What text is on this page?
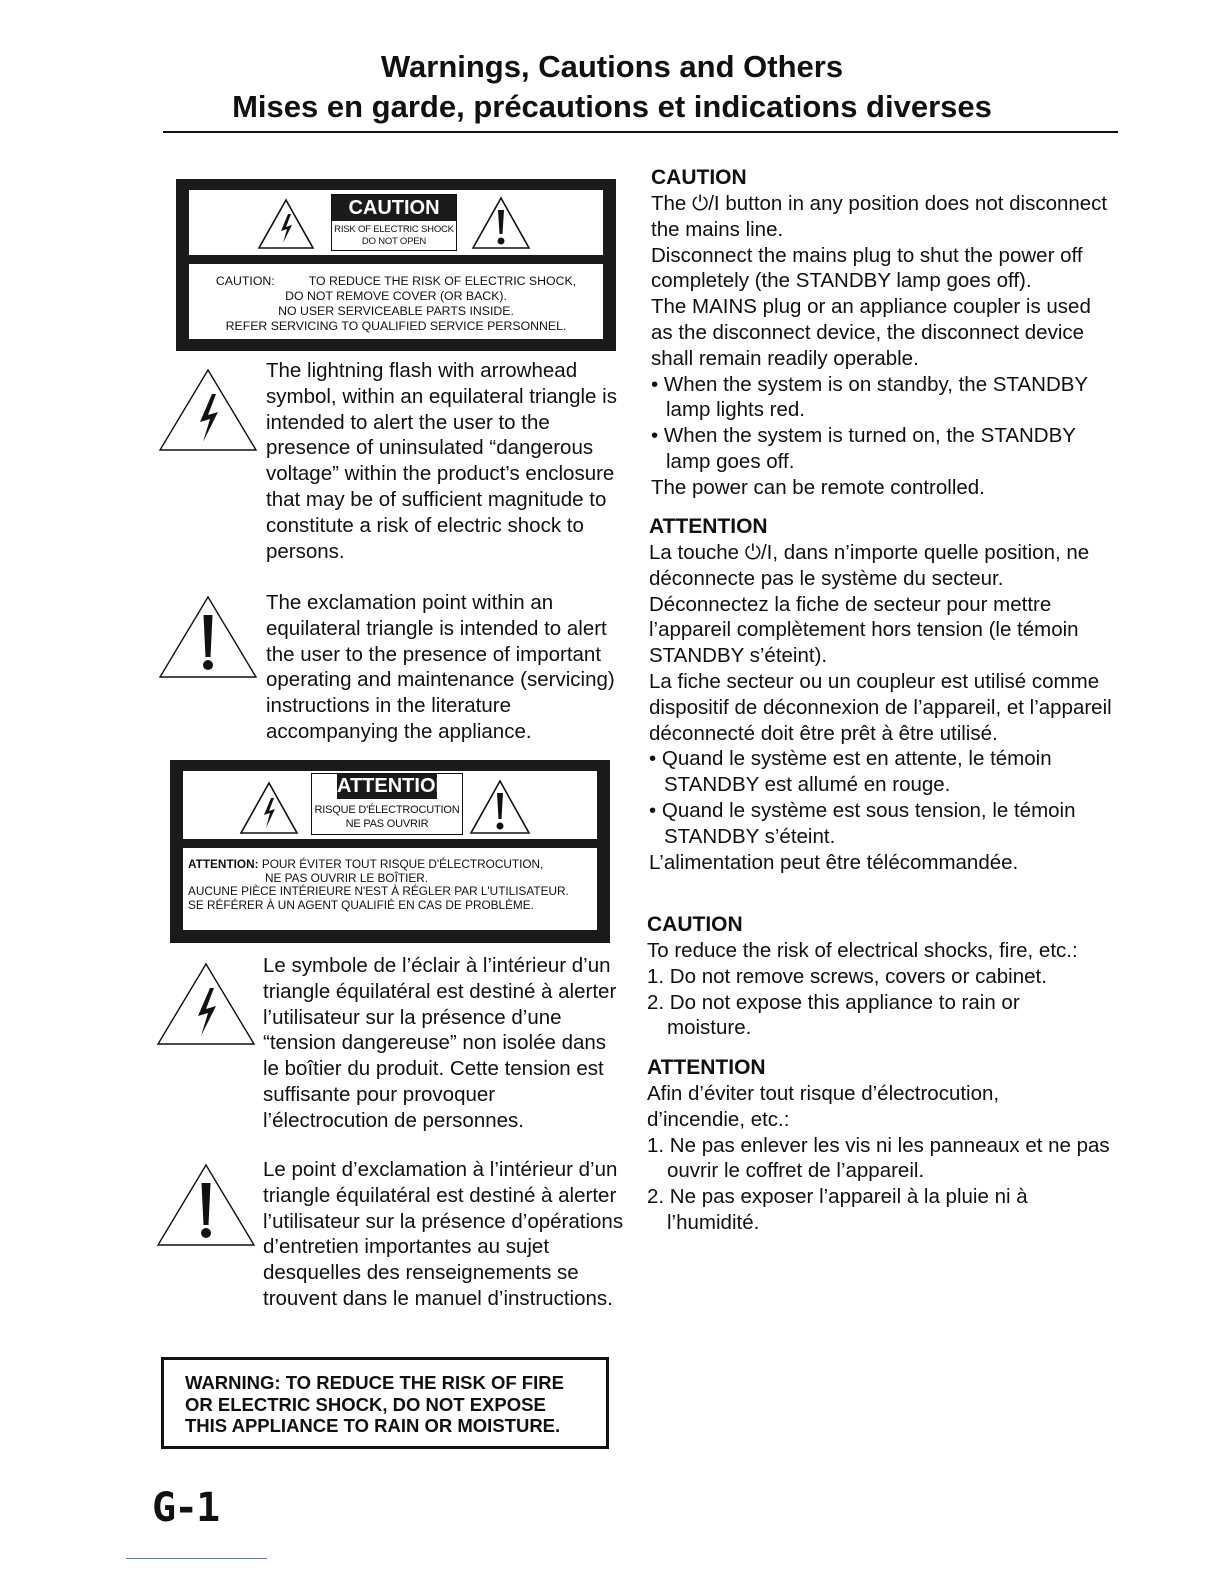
Warnings, Cautions and Others
Mises en garde, précautions et indications diverses
CAUTION
RISK OF ELECTRIC SHOCK
DO NOT OPEN
CAUTION:	TO REDUCE THE RISK OF ELECTRIC SHOCK,
DO NOT REMOVE COVER (OR BACK).
NO USER SERVICEABLE PARTS INSIDE.
REFER SERVICING TO QUALIFIED SERVICE PERSONNEL.
The lightning flash with arrowhead symbol, within an equilateral triangle is intended to alert the user to the presence of uninsulated “dangerous voltage” within the product’s enclosure that may be of sufficient magnitude to constitute a risk of electric shock to persons.
The exclamation point within an equilateral triangle is intended to alert the user to the presence of important operating and maintenance (servicing) instructions in the literature accompanying the appliance.
ATTENTION
RISQUE D'ÉLECTROCUTION
NE PAS OUVRIR
ATTENTION: POUR ÉVITER TOUT RISQUE D'ÉLECTROCUTION,
NE PAS OUVRIR LE BOÎTIER.
AUCUNE PIÈCE INTÉRIEURE N'EST À RÉGLER PAR L'UTILISATEUR.
SE RÉFÉRER À UN AGENT QUALIFIÉ EN CAS DE PROBLÈME.
Le symbole de l’éclair à l’intérieur d’un triangle équilatéral est destiné à alerter l’utilisateur sur la présence d’une “tension dangereuse” non isolée dans le boîtier du produit. Cette tension est suffisante pour provoquer l’électrocution de personnes.
Le point d’exclamation à l’intérieur d’un triangle équilatéral est destiné à alerter l’utilisateur sur la présence d’opérations d’entretien importantes au sujet desquelles des renseignements se trouvent dans le manuel d’instructions.
WARNING: TO REDUCE THE RISK OF FIRE
OR ELECTRIC SHOCK, DO NOT EXPOSE
THIS APPLIANCE TO RAIN OR MOISTURE.
CAUTION

The ⏻/I button in any position does not disconnect the mains line.

Disconnect the mains plug to shut the power off completely (the STANDBY lamp goes off).

The MAINS plug or an appliance coupler is used as the disconnect device, the disconnect device shall remain readily operable.

• When the system is on standby, the STANDBY lamp lights red.
• When the system is turned on, the STANDBY lamp goes off.

The power can be remote controlled.

ATTENTION

La touche ⏻/I, dans n’importe quelle position, ne déconnecte pas le système du secteur.

Déconnectez la fiche de secteur pour mettre l’appareil complètement hors tension (le témoin STANDBY s’éteint).

La fiche secteur ou un coupleur est utilisé comme dispositif de déconnexion de l’appareil, et l’appareil déconnecté doit être prêt à être utilisé.

• Quand le système est en attente, le témoin STANDBY est allumé en rouge.
• Quand le système est sous tension, le témoin STANDBY s’éteint.

L’alimentation peut être télécommandée.

CAUTION

To reduce the risk of electrical shocks, fire, etc.:

1. Do not remove screws, covers or cabinet.
2. Do not expose this appliance to rain or moisture.
ATTENTION

Afin d’éviter tout risque d’électrocution, d’incendie, etc.:

1. Ne pas enlever les vis ni les panneaux et ne pas ouvrir le coffret de l’appareil.
2. Ne pas exposer l’appareil à la pluie ni à l’humidité.
G-1
